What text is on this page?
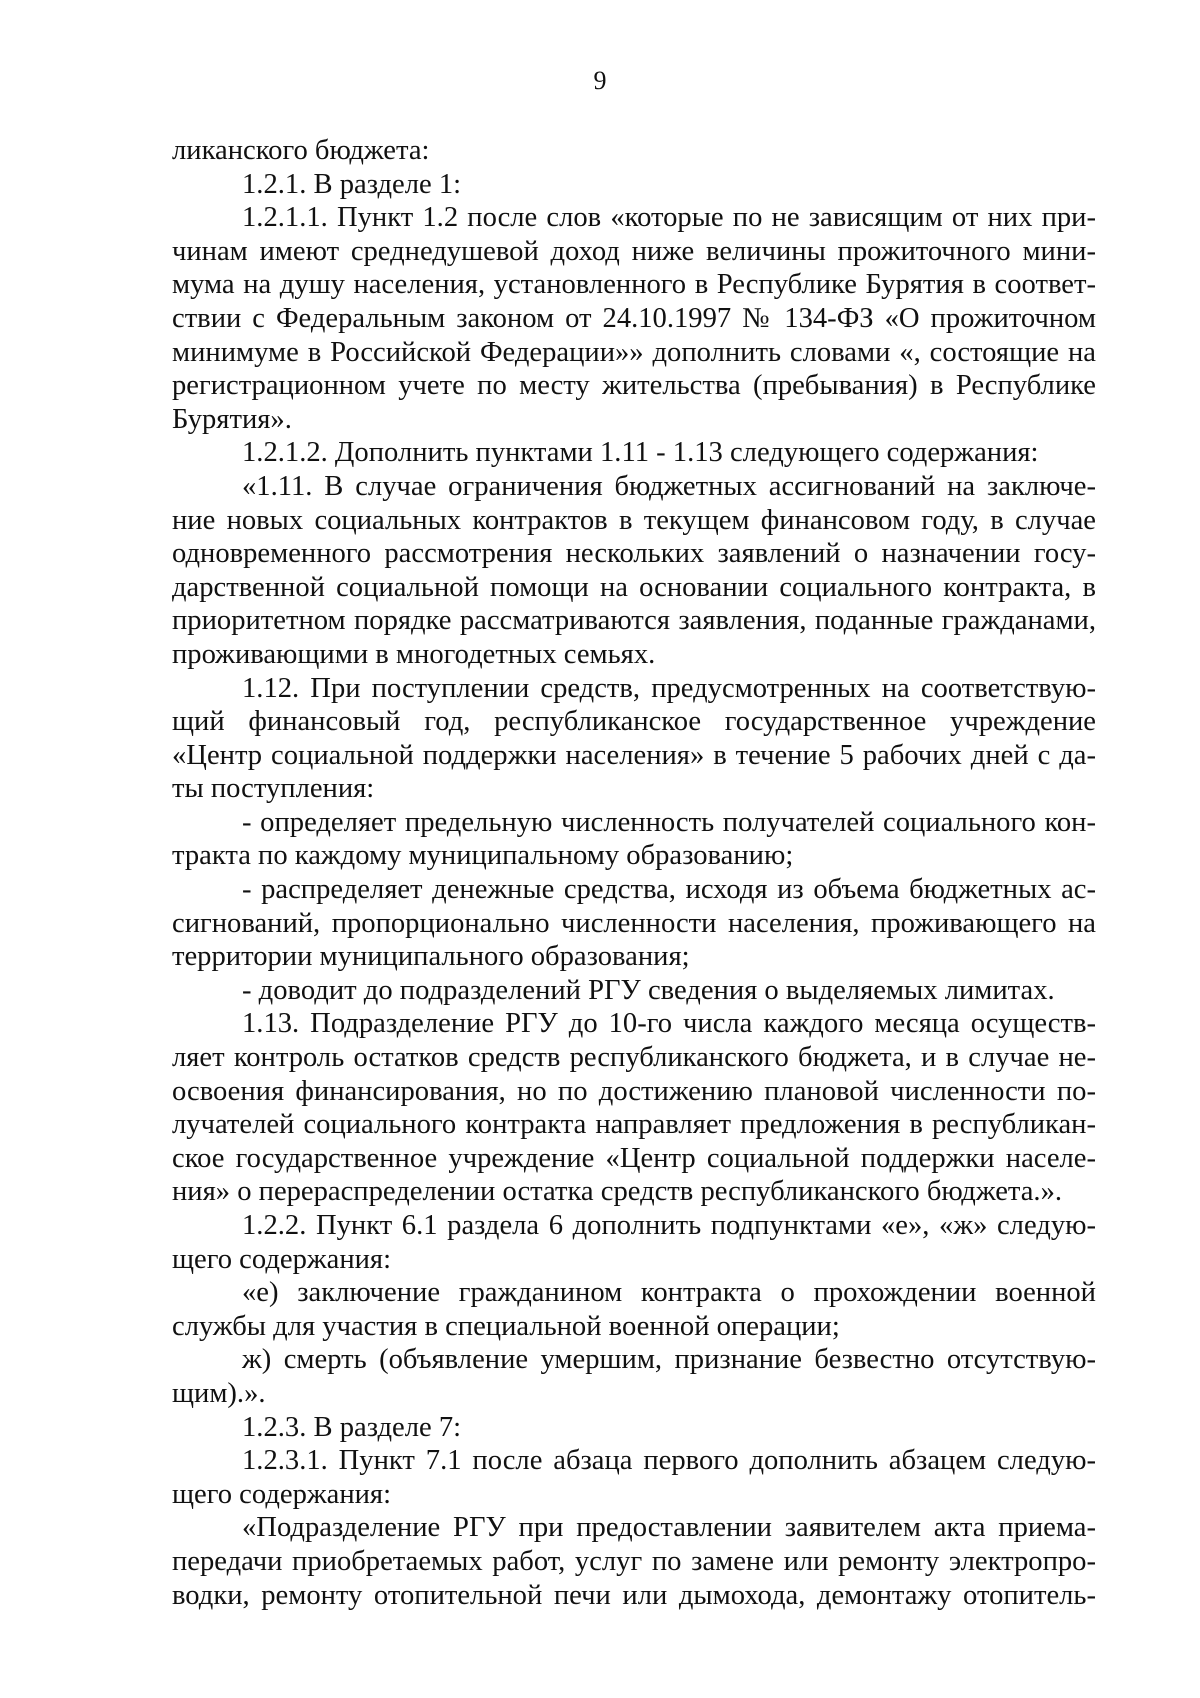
9
ликанского бюджета:
1.2.1. В разделе 1:
1.2.1.1. Пункт 1.2 после слов «которые по не зависящим от них при-
чинам имеют среднедушевой доход ниже величины прожиточного мини-
мума на душу населения, установленного в Республике Бурятия в соответ-
ствии с Федеральным законом от 24.10.1997 № 134-ФЗ «О прожиточном
минимуме в Российской Федерации»» дополнить словами «, состоящие на
регистрационном учете по месту жительства (пребывания) в Республике
Бурятия».
1.2.1.2. Дополнить пунктами 1.11 - 1.13 следующего содержания:
«1.11. В случае ограничения бюджетных ассигнований на заключе-
ние новых социальных контрактов в текущем финансовом году, в случае
одновременного рассмотрения нескольких заявлений о назначении госу-
дарственной социальной помощи на основании социального контракта, в
приоритетном порядке рассматриваются заявления, поданные гражданами,
проживающими в многодетных семьях.
1.12. При поступлении средств, предусмотренных на соответствую-
щий финансовый год, республиканское государственное учреждение
«Центр социальной поддержки населения» в течение 5 рабочих дней с да-
ты поступления:
- определяет предельную численность получателей социального кон-
тракта по каждому муниципальному образованию;
- распределяет денежные средства, исходя из объема бюджетных ас-
сигнований, пропорционально численности населения, проживающего на
территории муниципального образования;
- доводит до подразделений РГУ сведения о выделяемых лимитах.
1.13. Подразделение РГУ до 10-го числа каждого месяца осуществ-
ляет контроль остатков средств республиканского бюджета, и в случае не-
освоения финансирования, но по достижению плановой численности по-
лучателей социального контракта направляет предложения в республикан-
ское государственное учреждение «Центр социальной поддержки населе-
ния» о перераспределении остатка средств республиканского бюджета.».
1.2.2. Пункт 6.1 раздела 6 дополнить подпунктами «е», «ж» следую-
щего содержания:
«е) заключение гражданином контракта о прохождении военной
службы для участия в специальной военной операции;
ж) смерть (объявление умершим, признание безвестно отсутствую-
щим).».
1.2.3. В разделе 7:
1.2.3.1. Пункт 7.1 после абзаца первого дополнить абзацем следую-
щего содержания:
«Подразделение РГУ при предоставлении заявителем акта приема-
передачи приобретаемых работ, услуг по замене или ремонту электропро-
водки, ремонту отопительной печи или дымохода, демонтажу отопитель-
